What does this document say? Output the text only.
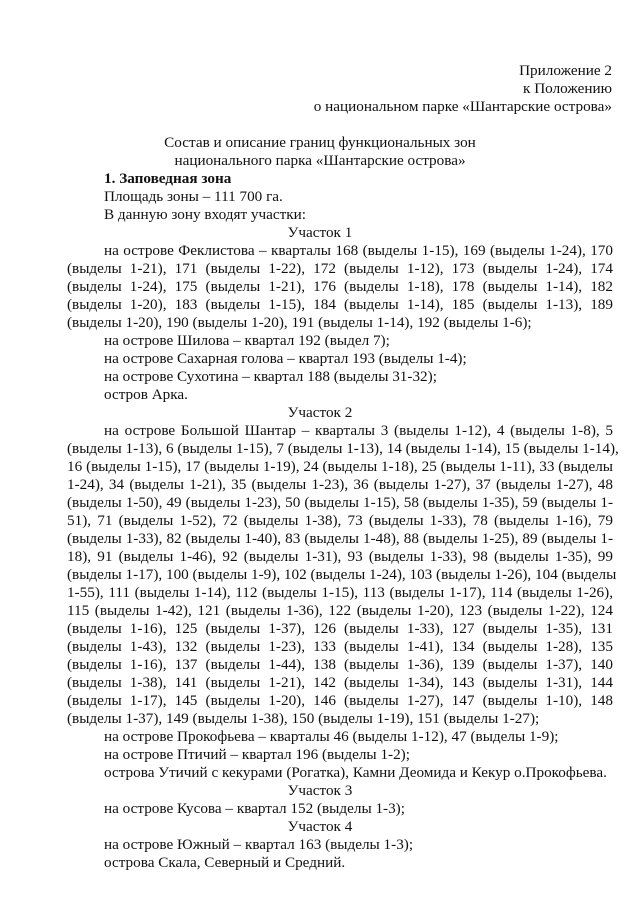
Приложение 2
к Положению
о национальном парке «Шантарские острова»
Состав и описание границ функциональных зон
национального парка «Шантарские острова»
1. Заповедная зона
Площадь зоны – 111 700 га.
В данную зону входят участки:
Участок 1
на острове Феклистова – кварталы 168 (выделы 1-15), 169 (выделы 1-24), 170
(выделы 1-21), 171 (выделы 1-22), 172 (выделы 1-12), 173 (выделы 1-24), 174
(выделы 1-24), 175 (выделы 1-21), 176 (выделы 1-18), 178 (выделы 1-14), 182
(выделы 1-20), 183 (выделы 1-15), 184 (выделы 1-14), 185 (выделы 1-13), 189
(выделы 1-20), 190 (выделы 1-20), 191 (выделы 1-14), 192 (выделы 1-6);
на острове Шилова – квартал 192 (выдел 7);
на острове Сахарная голова – квартал 193 (выделы 1-4);
на острове Сухотина – квартал 188 (выделы 31-32);
остров Арка.
Участок 2
на острове Большой Шантар – кварталы 3 (выделы 1-12), 4 (выделы 1-8), 5
(выделы 1-13), 6 (выделы 1-15), 7 (выделы 1-13), 14 (выделы 1-14), 15 (выделы 1-14),
16 (выделы 1-15), 17 (выделы 1-19), 24 (выделы 1-18), 25 (выделы 1-11), 33 (выделы
1-24), 34 (выделы 1-21), 35 (выделы 1-23), 36 (выделы 1-27), 37 (выделы 1-27), 48
(выделы 1-50), 49 (выделы 1-23), 50 (выделы 1-15), 58 (выделы 1-35), 59 (выделы 1-
51), 71 (выделы 1-52), 72 (выделы 1-38), 73 (выделы 1-33), 78 (выделы 1-16), 79
(выделы 1-33), 82 (выделы 1-40), 83 (выделы 1-48), 88 (выделы 1-25), 89 (выделы 1-
18), 91 (выделы 1-46), 92 (выделы 1-31), 93 (выделы 1-33), 98 (выделы 1-35), 99
(выделы 1-17), 100 (выделы 1-9), 102 (выделы 1-24), 103 (выделы 1-26), 104 (выделы
1-55), 111 (выделы 1-14), 112 (выделы 1-15), 113 (выделы 1-17), 114 (выделы 1-26),
115 (выделы 1-42), 121 (выделы 1-36), 122 (выделы 1-20), 123 (выделы 1-22), 124
(выделы 1-16), 125 (выделы 1-37), 126 (выделы 1-33), 127 (выделы 1-35), 131
(выделы 1-43), 132 (выделы 1-23), 133 (выделы 1-41), 134 (выделы 1-28), 135
(выделы 1-16), 137 (выделы 1-44), 138 (выделы 1-36), 139 (выделы 1-37), 140
(выделы 1-38), 141 (выделы 1-21), 142 (выделы 1-34), 143 (выделы 1-31), 144
(выделы 1-17), 145 (выделы 1-20), 146 (выделы 1-27), 147 (выделы 1-10), 148
(выделы 1-37), 149 (выделы 1-38), 150 (выделы 1-19), 151 (выделы 1-27);
на острове Прокофьева – кварталы 46 (выделы 1-12), 47 (выделы 1-9);
на острове Птичий – квартал 196 (выделы 1-2);
острова Утичий с кекурами (Рогатка), Камни Деомида и Кекур о.Прокофьева.
Участок 3
на острове Кусова – квартал 152 (выделы 1-3);
Участок 4
на острове Южный – квартал 163 (выделы 1-3);
острова Скала, Северный и Средний.
